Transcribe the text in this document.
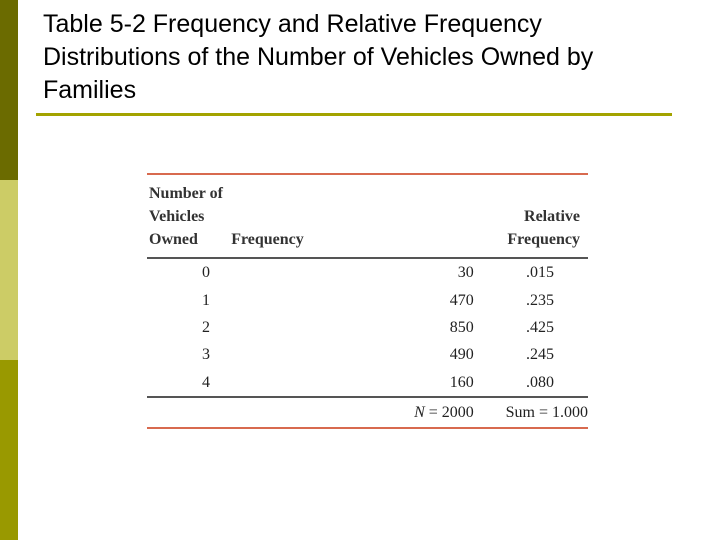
Table 5-2 Frequency and Relative Frequency Distributions of the Number of Vehicles Owned by Families
Number of
Vehicles Owned	Frequency	Relative
Frequency
0	30	.015
1	470	.235
2	850	.425
3	490	.245
4	160	.080
	N = 2000	Sum = 1.000
